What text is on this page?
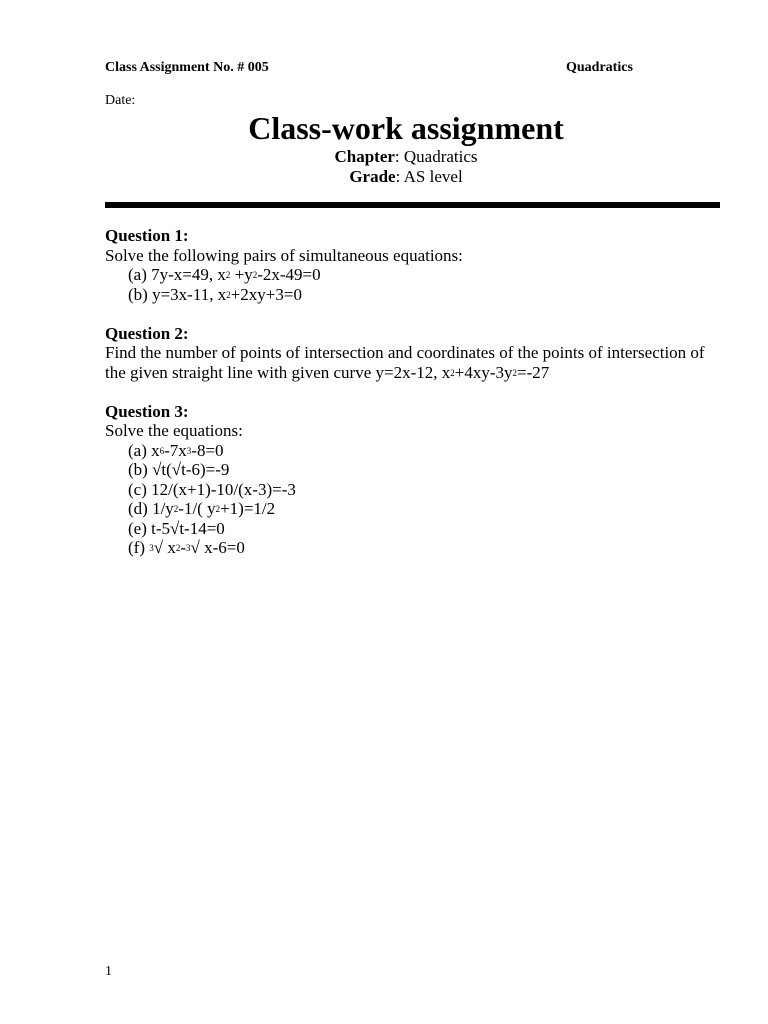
Class Assignment No. # 005	Quadratics
Date:
Class-work assignment
Chapter: Quadratics
Grade: AS level
Question 1:
Solve the following pairs of simultaneous equations:
(a) 7y-x=49, $x^2 +y^2-2x-49=0$
(b) y=3x-11, $x^2+2xy+3=0$
Question 2:
Find the number of points of intersection and coordinates of the points of intersection of the given straight line with given curve y=2x-12, $x^2+4xy-3y^2=-27$
Question 3:
Solve the equations:
(a) $x^6-7x^3-8=0$
(b) √t(√t-6)=-9
(c) 12/(x+1)-10/(x-3)=-3
(d) $1/y^2-1/$( $y^2+1)=1/2$
(e) t-5√t-14=0
(f) $^3$√ $x^2-^3√$ x-6=0
1
